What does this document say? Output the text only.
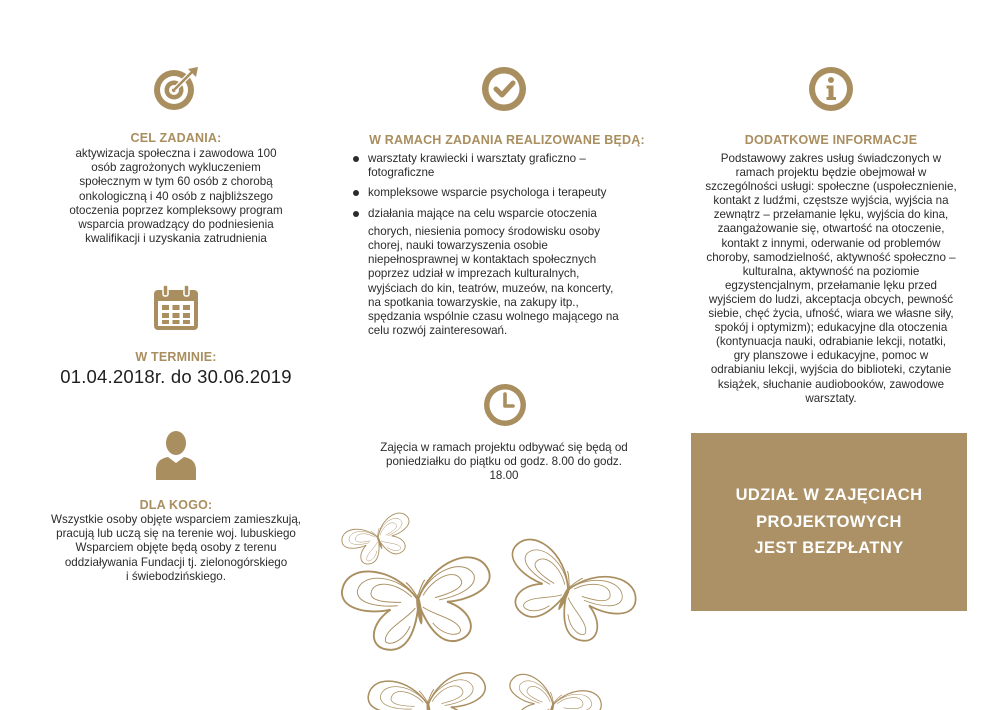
CEL ZADANIA:
aktywizacja społeczna i zawodowa 100
osób zagrożonych wykluczeniem
społecznym w tym 60 osób z chorobą
onkologiczną i 40 osób z najbliższego
otoczenia poprzez kompleksowy program
wsparcia prowadzący do podniesienia
kwalifikacji i uzyskania zatrudnienia
W TERMINIE:
01.04.2018r. do 30.06.2019
DLA KOGO:
Wszystkie osoby objęte wsparciem zamieszkują,
pracują lub uczą się na terenie woj. lubuskiego
Wsparciem objęte będą osoby z terenu
oddziaływania Fundacji tj. zielonogórskiego
i świebodzińskiego.
W RAMACH ZADANIA REALIZOWANE BĘDĄ:
warsztaty krawiecki i warsztaty graficzno –
fotograficzne
kompleksowe wsparcie psychologa i terapeuty
działania mające na celu wsparcie otoczenia
chorych, niesienia pomocy środowisku osoby
chorej, nauki towarzyszenia osobie
niepełnosprawnej w kontaktach społecznych
poprzez udział w imprezach kulturalnych,
wyjściach do kin, teatrów, muzeów, na koncerty,
na spotkania towarzyskie, na zakupy itp.,
spędzania wspólnie czasu wolnego mającego na
celu rozwój zainteresowań.
Zajęcia w ramach projektu odbywać się będą od
poniedziałku do piątku od godz. 8.00 do godz.
18.00
DODATKOWE INFORMACJE
Podstawowy zakres usług świadczonych w
ramach projektu będzie obejmował w
szczególności usługi: społeczne (uspołecznienie,
kontakt z ludźmi, częstsze wyjścia, wyjścia na
zewnątrz – przełamanie lęku, wyjścia do kina,
zaangażowanie się, otwartość na otoczenie,
kontakt z innymi, oderwanie od problemów
choroby, samodzielność, aktywność społeczno –
kulturalna, aktywność na poziomie
egzystencjalnym, przełamanie lęku przed
wyjściem do ludzi, akceptacja obcych, pewność
siebie, chęć życia, ufność, wiara we własne siły,
spokój i optymizm); edukacyjne dla otoczenia
(kontynuacja nauki, odrabianie lekcji, notatki,
gry planszowe i edukacyjne, pomoc w
odrabianiu lekcji, wyjścia do biblioteki, czytanie
książek, słuchanie audiobooków, zawodowe
warsztaty.
UDZIAŁ W ZAJĘCIACH
PROJEKTOWYCH
JEST BEZPŁATNY
